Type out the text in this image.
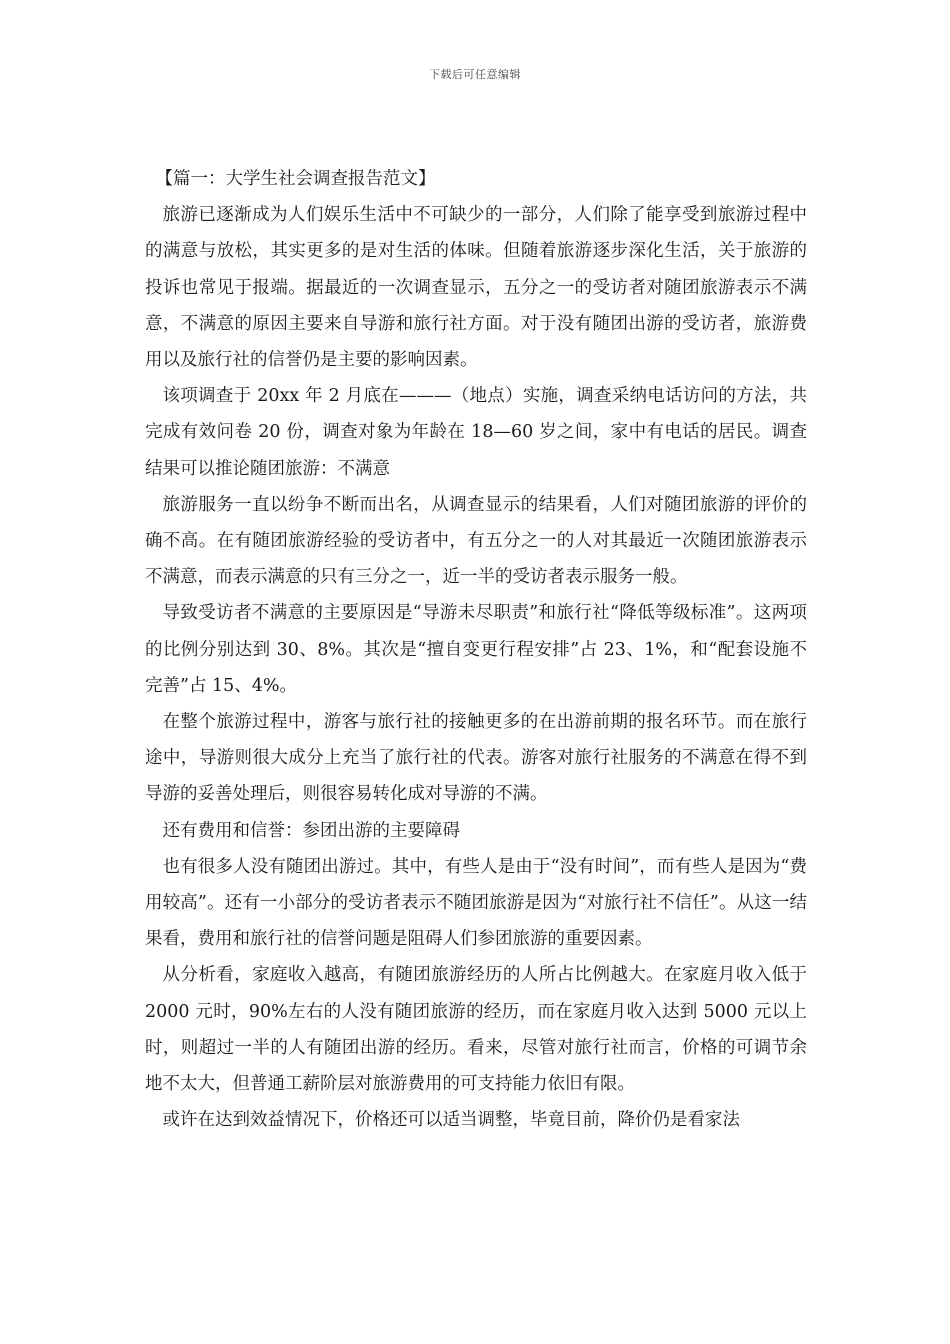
下载后可任意编辑

【篇一：大学生社会调查报告范文】

旅游已逐渐成为人们娱乐生活中不可缺少的一部分，人们除了能享受到旅游过程中的满意与放松，其实更多的是对生活的体味。但随着旅游逐步深化生活，关于旅游的投诉也常见于报端。据最近的一次调查显示，五分之一的受访者对随团旅游表示不满意，不满意的原因主要来自导游和旅行社方面。对于没有随团出游的受访者，旅游费用以及旅行社的信誉仍是主要的影响因素。

该项调查于 20xx 年 2 月底在———（地点）实施，调查采纳电话访问的方法，共完成有效问卷 20 份，调查对象为年龄在 18—60 岁之间，家中有电话的居民。调查结果可以推论随团旅游：不满意

旅游服务一直以纷争不断而出名，从调查显示的结果看，人们对随团旅游的评价的确不高。在有随团旅游经验的受访者中，有五分之一的人对其最近一次随团旅游表示不满意，而表示满意的只有三分之一，近一半的受访者表示服务一般。

导致受访者不满意的主要原因是“导游未尽职责”和旅行社“降低等级标准”。这两项的比例分别达到 30、8%。其次是“擅自变更行程安排”占 23、1%，和“配套设施不完善”占 15、4%。

在整个旅游过程中，游客与旅行社的接触更多的在出游前期的报名环节。而在旅行途中，导游则很大成分上充当了旅行社的代表。游客对旅行社服务的不满意在得不到导游的妥善处理后，则很容易转化成对导游的不满。

还有费用和信誉：参团出游的主要障碍

也有很多人没有随团出游过。其中，有些人是由于“没有时间”，而有些人是因为“费用较高”。还有一小部分的受访者表示不随团旅游是因为“对旅行社不信任”。从这一结果看，费用和旅行社的信誉问题是阻碍人们参团旅游的重要因素。

从分析看，家庭收入越高，有随团旅游经历的人所占比例越大。在家庭月收入低于 2000 元时，90%左右的人没有随团旅游的经历，而在家庭月收入达到 5000 元以上时，则超过一半的人有随团出游的经历。看来，尽管对旅行社而言，价格的可调节余地不太大，但普通工薪阶层对旅游费用的可支持能力依旧有限。

或许在达到效益情况下，价格还可以适当调整，毕竟目前，降价仍是看家法
